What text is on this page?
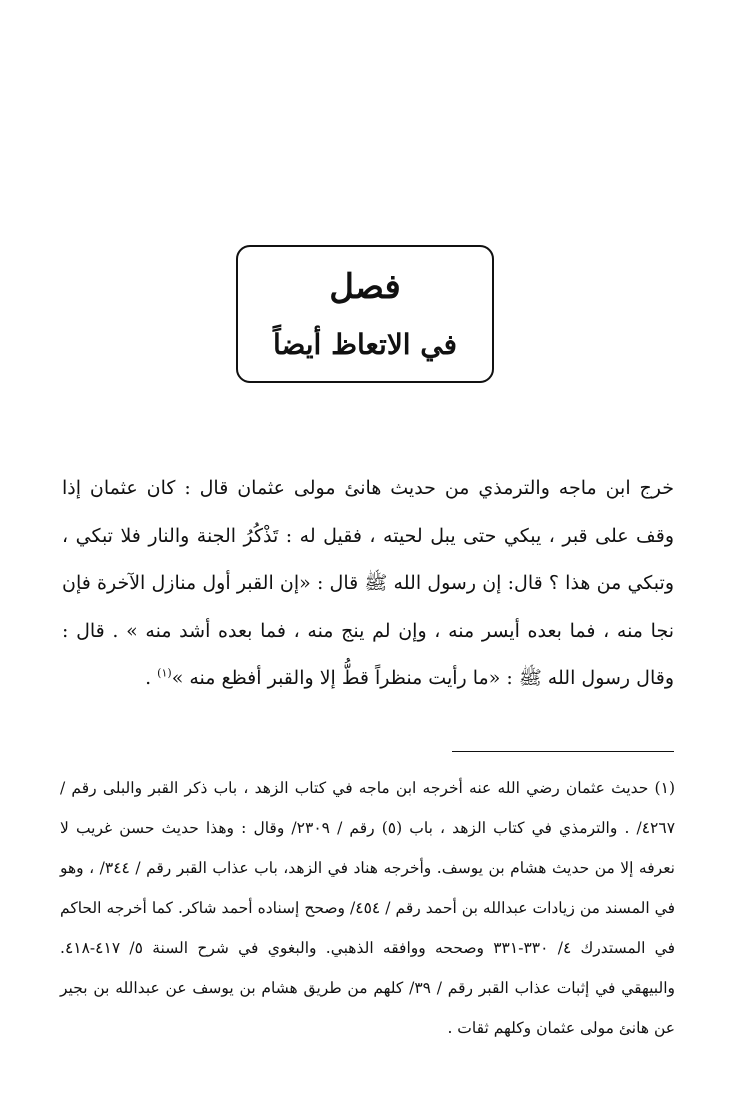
فصل
في الاتعاظ أيضاً

خرج ابن ماجه والترمذي من حديث هانئ مولى عثمان قال : كان عثمان إذا وقف على قبر ، يبكي حتى يبل لحيته ، فقيل له : تَذْكُرُ الجنة والنار فلا تبكي ، وتبكي من هذا ؟ قال: إن رسول الله ﷺ قال : «إن القبر أول منازل الآخرة فإن نجا منه ، فما بعده أيسر منه ، وإن لم ينج منه ، فما بعده أشد منه » . قال : وقال رسول الله ﷺ : «ما رأيت منظراً قطُّ إلا والقبر أفظع منه »$^{(١)}$ .

(١) حديث عثمان رضي الله عنه أخرجه ابن ماجه في كتاب الزهد ، باب ذكر القبر والبلى رقم / ٤٢٦٧/ . والترمذي في كتاب الزهد ، باب (٥) رقم / ٢٣٠٩/ وقال : وهذا حديث حسن غريب لا نعرفه إلا من حديث هشام بن يوسف. وأخرجه هناد في الزهد، باب عذاب القبر رقم / ٣٤٤/ ، وهو في المسند من زيادات عبدالله بن أحمد رقم / ٤٥٤/ وصحح إسناده أحمد شاكر. كما أخرجه الحاكم في المستدرك ٤/ ٣٣٠-٣٣١ وصححه ووافقه الذهبي. والبغوي في شرح السنة ٥/ ٤١٧-٤١٨. والبيهقي في إثبات عذاب القبر رقم / ٣٩/ كلهم من طريق هشام بن يوسف عن عبدالله بن بجير عن هانئ مولى عثمان وكلهم ثقات .
